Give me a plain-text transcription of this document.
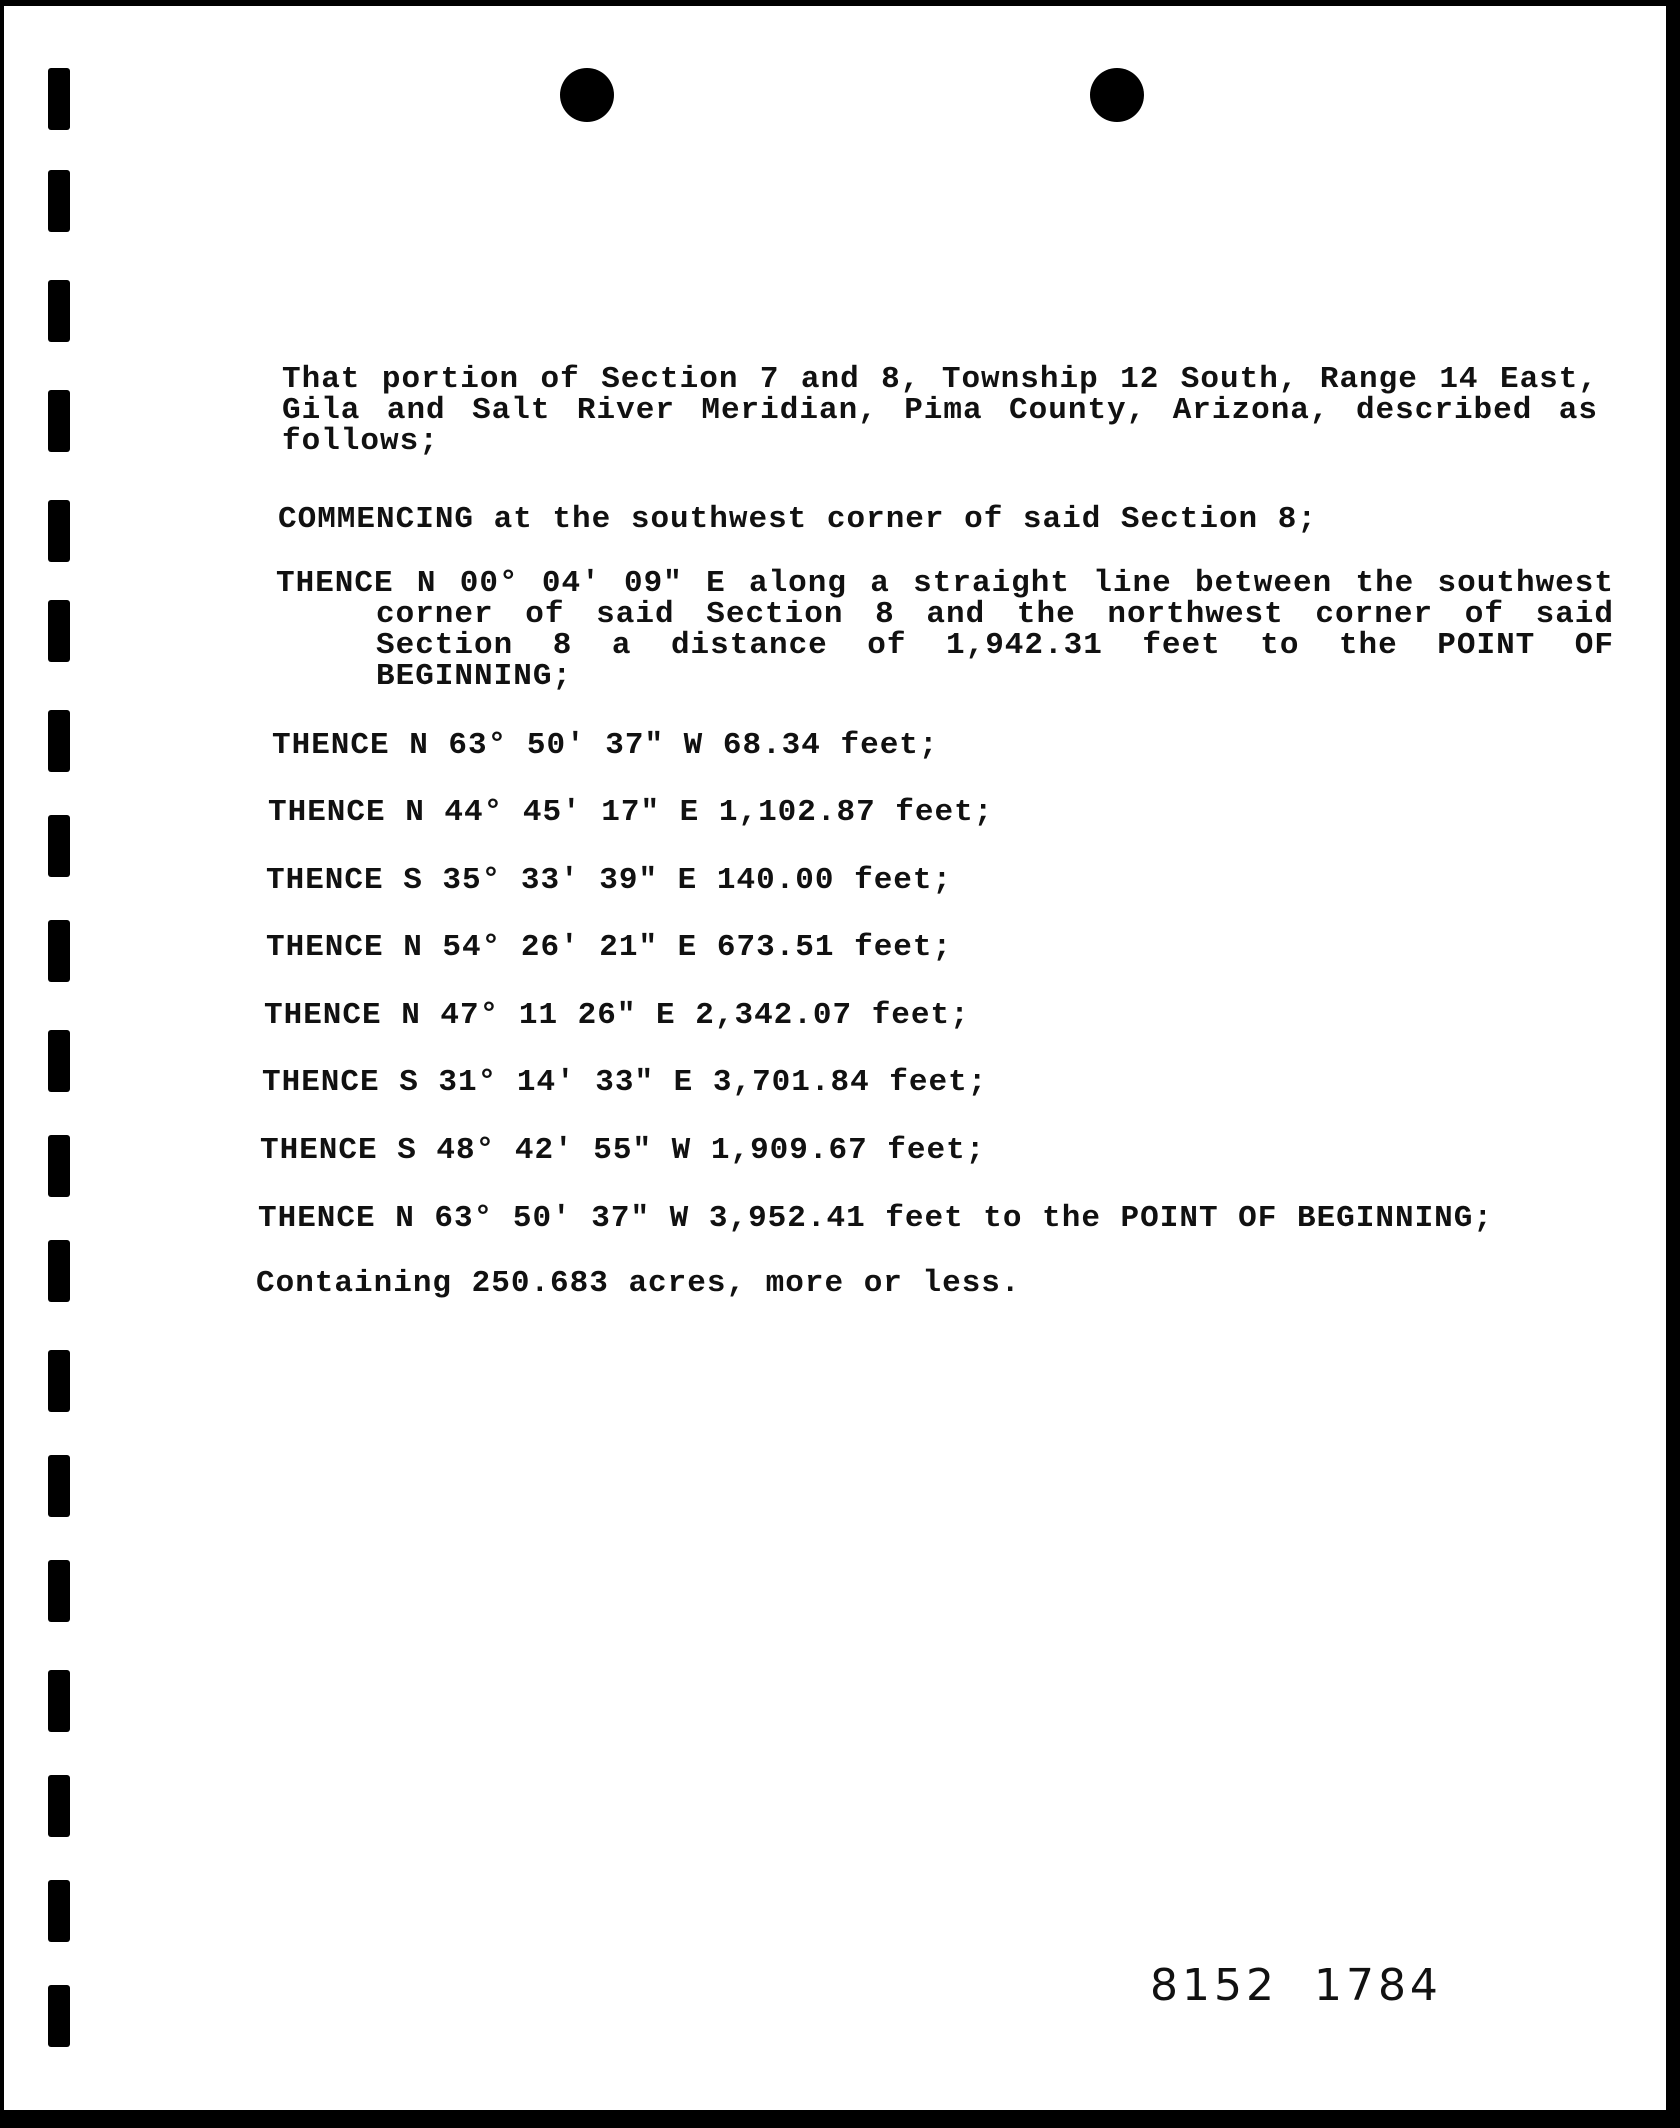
That portion of Section 7 and 8, Township 12 South, Range 14 East, Gila and Salt River Meridian, Pima County, Arizona, described as follows;
COMMENCING at the southwest corner of said Section 8;
THENCE N 00° 04' 09" E along a straight line between the southwest corner of said Section 8 and the northwest corner of said Section 8 a distance of 1,942.31 feet to the POINT OF BEGINNING;
THENCE N 63° 50' 37" W 68.34 feet;
THENCE N 44° 45' 17" E 1,102.87 feet;
THENCE S 35° 33' 39" E 140.00 feet;
THENCE N 54° 26' 21" E 673.51 feet;
THENCE N 47° 11 26" E 2,342.07 feet;
THENCE S 31° 14' 33" E 3,701.84 feet;
THENCE S 48° 42' 55" W 1,909.67 feet;
THENCE N 63° 50' 37" W 3,952.41 feet to the POINT OF BEGINNING;
Containing 250.683 acres, more or less.
8152  1784
